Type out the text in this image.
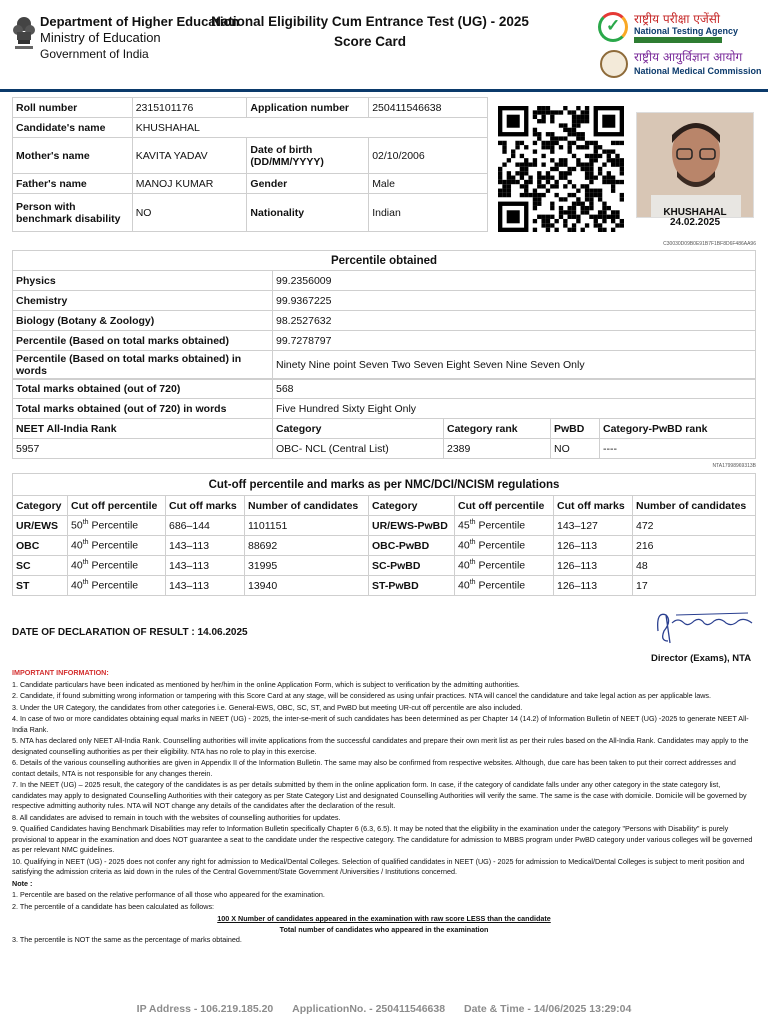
Department of Higher Education
Ministry of Education
Government of India
National Eligibility Cum Entrance Test (UG) - 2025
Score Card
✓
राष्ट्रीय परीक्षा एजेंसी
National Testing Agency
राष्ट्रीय आयुर्विज्ञान आयोग
National Medical Commission
Roll number	2315101176	Application number	250411546638
Candidate's name	KHUSHAHAL		
Mother's name	KAVITA YADAV	Date of birth (DD/MM/YYYY)	02/10/2006
Father's name	MANOJ KUMAR	Gender	Male
Person with benchmark disability	NO	Nationality	Indian	KHUSHAHAL
24.02.2025
C30030D09B0E91B7F1BF8D6F486AA96
Percentile obtained	
Physics	99.2356009
Chemistry	99.9367225
Biology (Botany & Zoology)	98.2527632
Percentile (Based on total marks obtained)	99.7278797
Percentile (Based on total marks obtained) in words	Ninety Nine point Seven Two Seven Eight Seven Nine Seven Only
Total marks obtained (out of 720)	568			
Total marks obtained (out of 720) in words	Five Hundred Sixty Eight Only			
NEET All-India Rank	Category	Category rank	PwBD	Category-PwBD rank
5957	OBC- NCL (Central List)	2389	NO	----
NTA17998969313B
Cut-off percentile and marks as per NMC/DCI/NCISM regulations							
Category	Cut off percentile	Cut off marks	Number of candidates	Category	Cut off percentile	Cut off marks	Number of candidates
UR/EWS	50th Percentile	686–144	1101151	UR/EWS-PwBD	45th Percentile	143–127	472
OBC	40th Percentile	143–113	88692	OBC-PwBD	40th Percentile	126–113	216
SC	40th Percentile	143–113	31995	SC-PwBD	40th Percentile	126–113	48
ST	40th Percentile	143–113	13940	ST-PwBD	40th Percentile	126–113	17
DATE OF DECLARATION OF RESULT : 14.06.2025
Director (Exams), NTA
IMPORTANT INFORMATION:

1. Candidate particulars have been indicated as mentioned by her/him in the online Application Form, which is subject to verification by the admitting authorities.

2. Candidate, if found submitting wrong information or tampering with this Score Card at any stage, will be considered as using unfair practices. NTA will cancel the candidature and take legal action as per applicable laws.

3. Under the UR Category, the candidates from other categories i.e. General-EWS, OBC, SC, ST, and PwBD but meeting UR-cut off percentile are also included.

4. In case of two or more candidates obtaining equal marks in NEET (UG) - 2025, the inter-se-merit of such candidates has been determined as per Chapter 14 (14.2) of Information Bulletin of NEET (UG) -2025 to generate NEET All-India Rank.

5. NTA has declared only NEET All-India Rank. Counselling authorities will invite applications from the successful candidates and prepare their own merit list as per their rules based on the All-India Rank. Candidates may apply to the designated counselling authorities as per their eligibility. NTA has no role to play in this exercise.

6. Details of the various counselling authorities are given in Appendix II of the Information Bulletin. The same may also be confirmed from respective websites. Although, due care has been taken to put their correct addresses and contact details, NTA is not responsible for any changes therein.

7. In the NEET (UG) – 2025 result, the category of the candidates is as per details submitted by them in the online application form. In case, if the category of candidate falls under any other category in the state category list, candidates may apply to designated Counselling Authorities with their category as per State Category List and designated Counselling Authorities will verify the same. The same is the case with domicile. Domicile will be governed by respective admitting authority rules. NTA will NOT change any details of the candidates after the declaration of the result.

8. All candidates are advised to remain in touch with the websites of counselling authorities for updates.

9. Qualified Candidates having Benchmark Disabilities may refer to Information Bulletin specifically Chapter 6 (6.3, 6.5). It may be noted that the eligibility in the examination under the category "Persons with Disability" is purely provisional to appear in the examination and does NOT guarantee a seat to the candidate under the respective category. The candidature for admission to MBBS program under PwBD category under various colleges will be governed as per relevant NMC guidelines.

10. Qualifying in NEET (UG) - 2025 does not confer any right for admission to Medical/Dental Colleges. Selection of qualified candidates in NEET (UG) - 2025 for admission to Medical/Dental Colleges is subject to merit position and satisfying the admission criteria as laid down in the rules of the Central Government/State Government /Universities / Institutions concerned.

Note :

1. Percentile are based on the relative performance of all those who appeared for the examination.

2. The percentile of a candidate has been calculated as follows:

100 X Number of candidates appeared in the examination with raw score LESS than the candidate
Total number of candidates who appeared in the examination

3. The percentile is NOT the same as the percentage of marks obtained.

IP Address - 106.219.185.20 ApplicationNo. - 250411546638 Date & Time - 14/06/2025 13:29:04
